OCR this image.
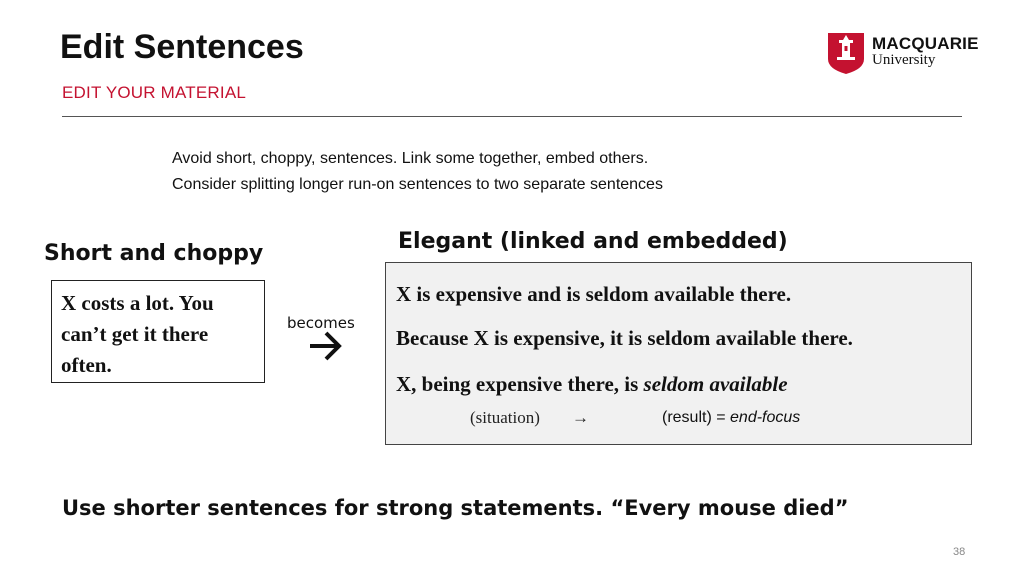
Edit Sentences
EDIT YOUR MATERIAL
MACQUARIE
University
Avoid short, choppy, sentences. Link some together, embed others.
Consider splitting longer run-on sentences to two separate sentences
Short and choppy	Elegant (linked and embedded)
X costs a lot. You can’t get it there often.
becomes
X is expensive and is seldom available there.
Because X is expensive, it is seldom available there.
X, being expensive there, is seldom available
(situation) →	(result) = end-focus
Use shorter sentences for strong statements. “Every mouse died”
38
